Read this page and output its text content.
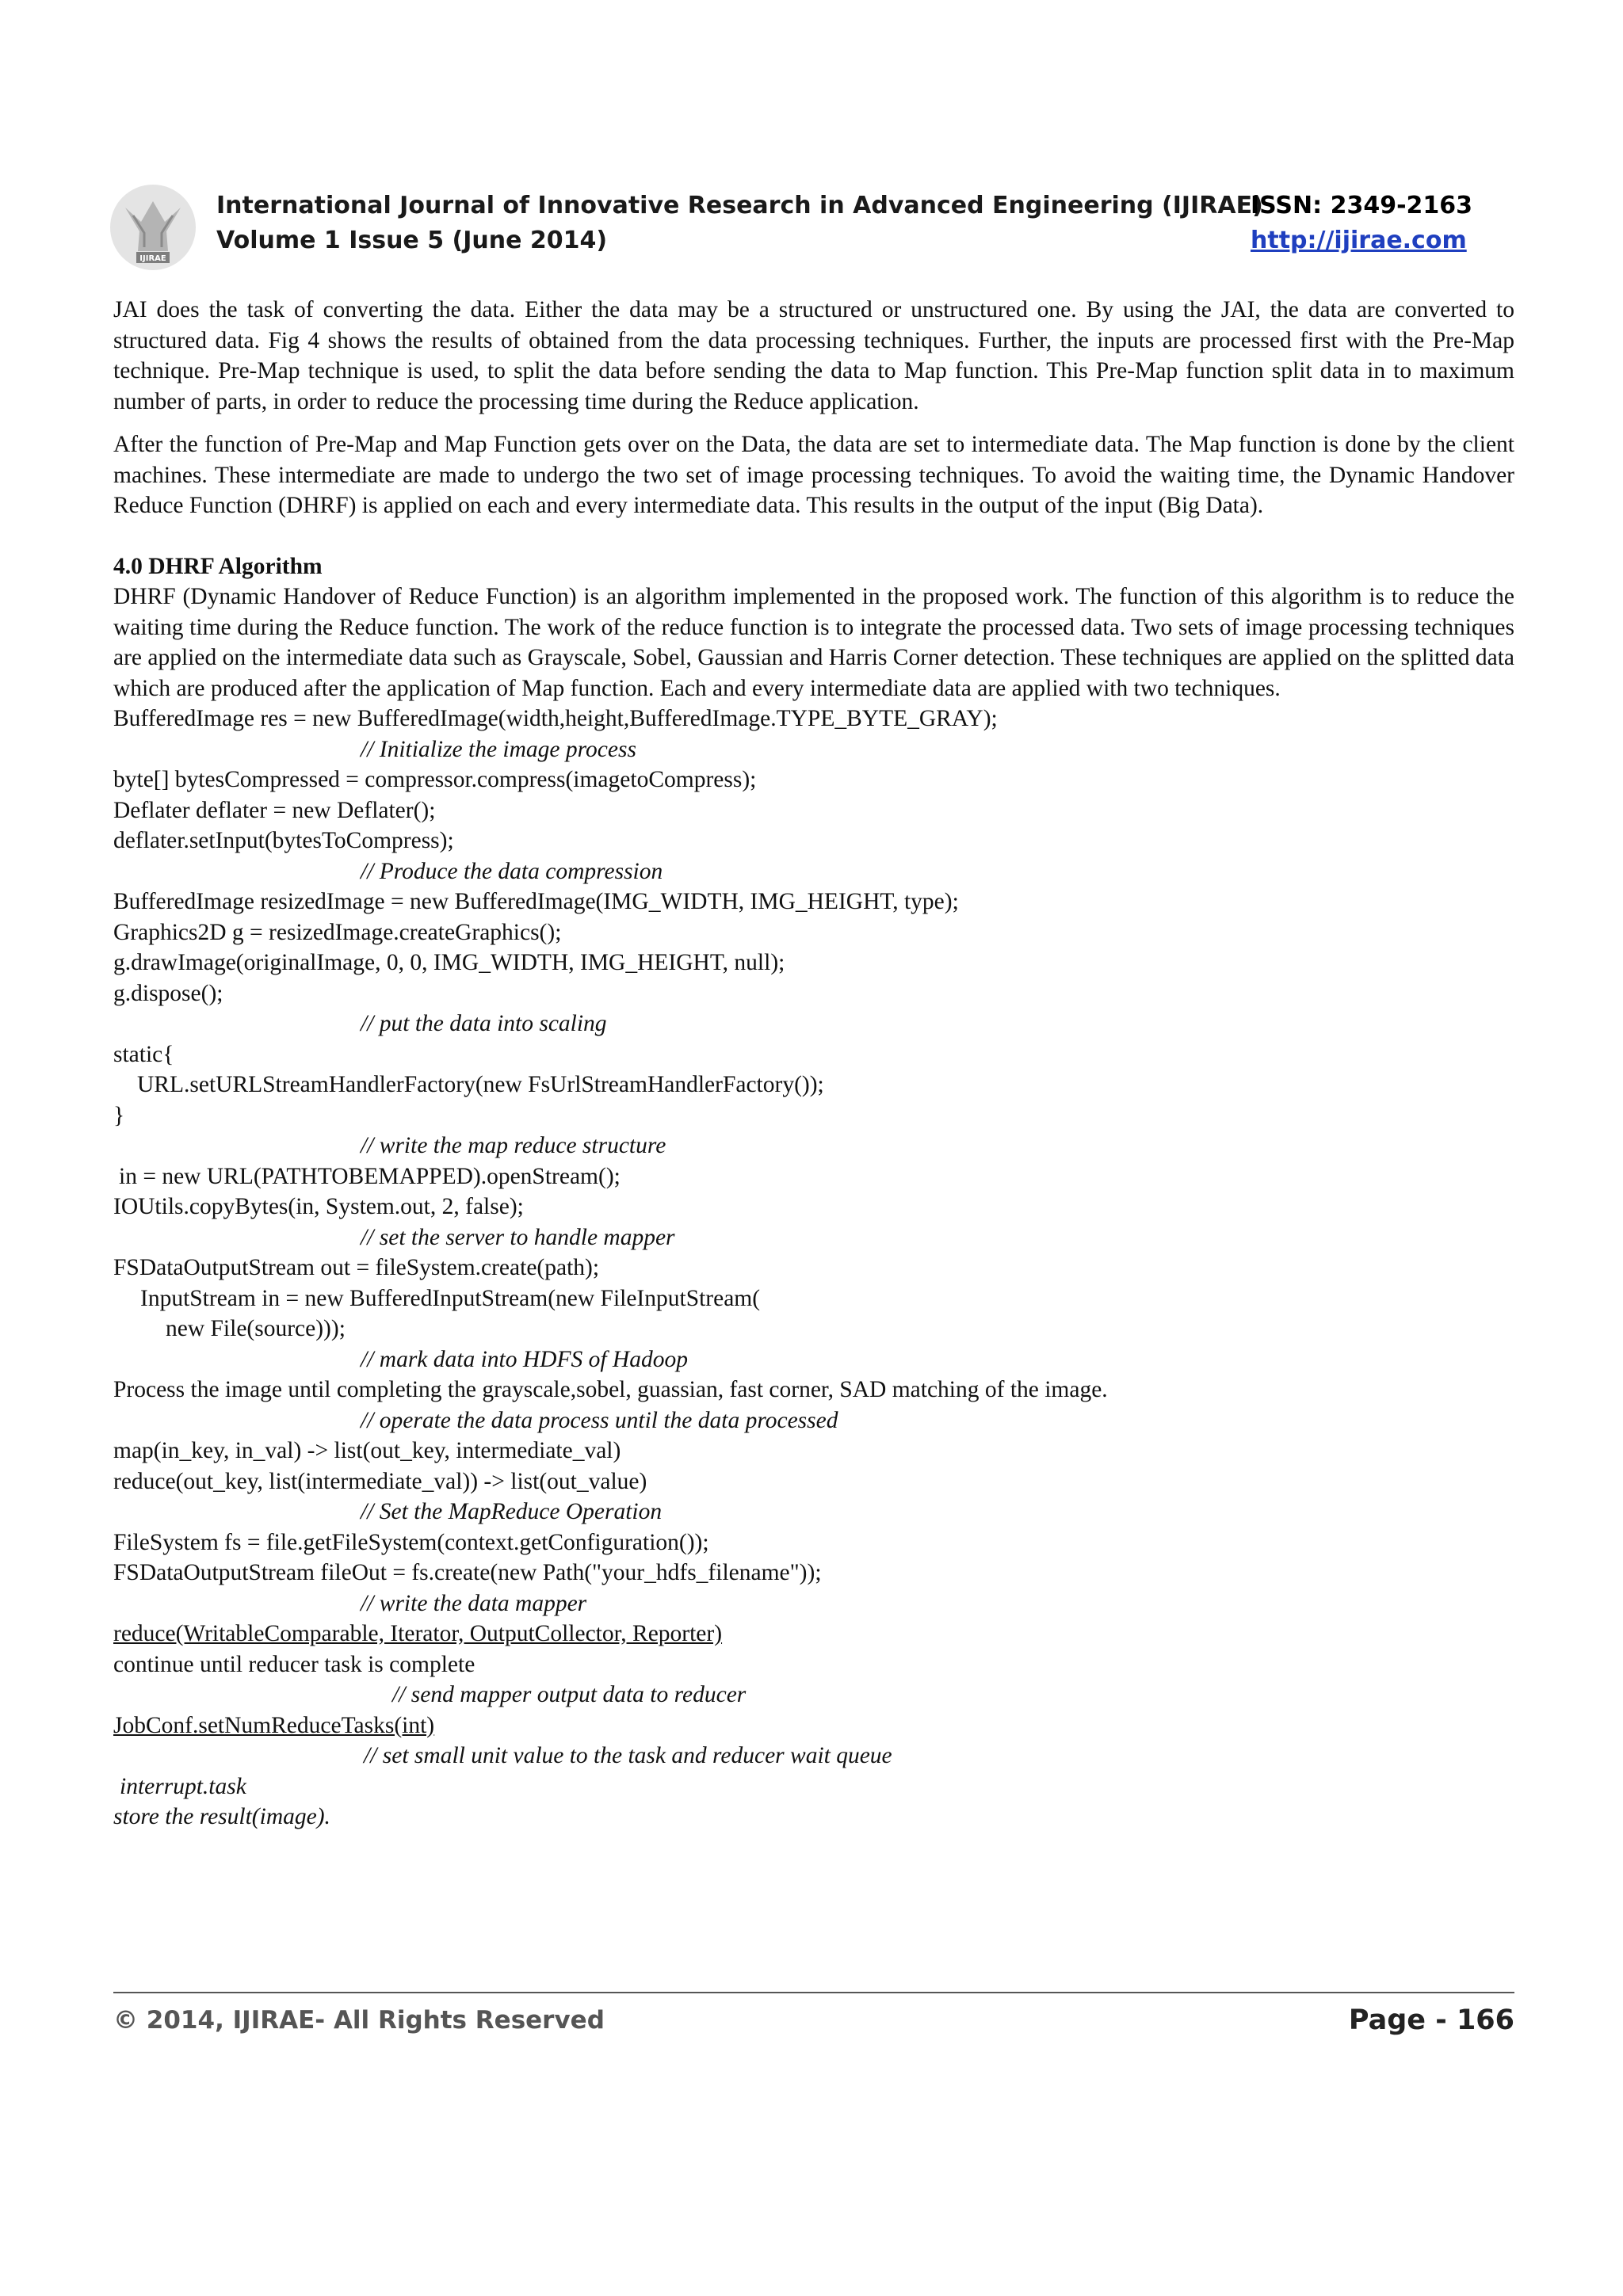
IJIRAE
International Journal of Innovative Research in Advanced Engineering (IJIRAE)
Volume 1 Issue 5 (June 2014)
ISSN: 2349-2163
http://ijirae.com

JAI does the task of converting the data. Either the data may be a structured or unstructured one. By using the JAI, the data are converted to structured data. Fig 4 shows the results of obtained from the data processing techniques. Further, the inputs are processed first with the Pre-Map technique. Pre-Map technique is used, to split the data before sending the data to Map function. This Pre-Map function split data in to maximum number of parts, in order to reduce the processing time during the Reduce application.

After the function of Pre-Map and Map Function gets over on the Data, the data are set to intermediate data. The Map function is done by the client machines. These intermediate are made to undergo the two set of image processing techniques. To avoid the waiting time, the Dynamic Handover Reduce Function (DHRF) is applied on each and every intermediate data. This results in the output of the input (Big Data).

4.0 DHRF Algorithm

DHRF (Dynamic Handover of Reduce Function) is an algorithm implemented in the proposed work. The function of this algorithm is to reduce the waiting time during the Reduce function. The work of the reduce function is to integrate the processed data. Two sets of image processing techniques are applied on the intermediate data such as Grayscale, Sobel, Gaussian and Harris Corner detection. These techniques are applied on the splitted data which are produced after the application of Map function. Each and every intermediate data are applied with two techniques.

BufferedImage res = new BufferedImage(width,height,BufferedImage.TYPE_BYTE_GRAY);
// Initialize the image process
byte[] bytesCompressed = compressor.compress(imagetoCompress);
Deflater deflater = new Deflater();
deflater.setInput(bytesToCompress);
// Produce the data compression
BufferedImage resizedImage = new BufferedImage(IMG_WIDTH, IMG_HEIGHT, type);
Graphics2D g = resizedImage.createGraphics();
g.drawImage(originalImage, 0, 0, IMG_WIDTH, IMG_HEIGHT, null);
g.dispose();
// put the data into scaling
static{
URL.setURLStreamHandlerFactory(new FsUrlStreamHandlerFactory());
}
// write the map reduce structure
in = new URL(PATHTOBEMAPPED).openStream();
IOUtils.copyBytes(in, System.out, 2, false);
// set the server to handle mapper
FSDataOutputStream out = fileSystem.create(path);
InputStream in = new BufferedInputStream(new FileInputStream(
new File(source)));
// mark data into HDFS of Hadoop
Process the image until completing the grayscale,sobel, guassian, fast corner, SAD matching of the image.
// operate the data process until the data processed
map(in_key, in_val) -> list(out_key, intermediate_val)
reduce(out_key, list(intermediate_val)) -> list(out_value)
// Set the MapReduce Operation
FileSystem fs = file.getFileSystem(context.getConfiguration());
FSDataOutputStream fileOut = fs.create(new Path("your_hdfs_filename"));
// write the data mapper
reduce(WritableComparable, Iterator, OutputCollector, Reporter)
continue until reducer task is complete
// send mapper output data to reducer
JobConf.setNumReduceTasks(int)
// set small unit value to the task and reducer wait queue
interrupt.task
store the result(image).
© 2014, IJIRAE- All Rights Reserved	Page - 166
